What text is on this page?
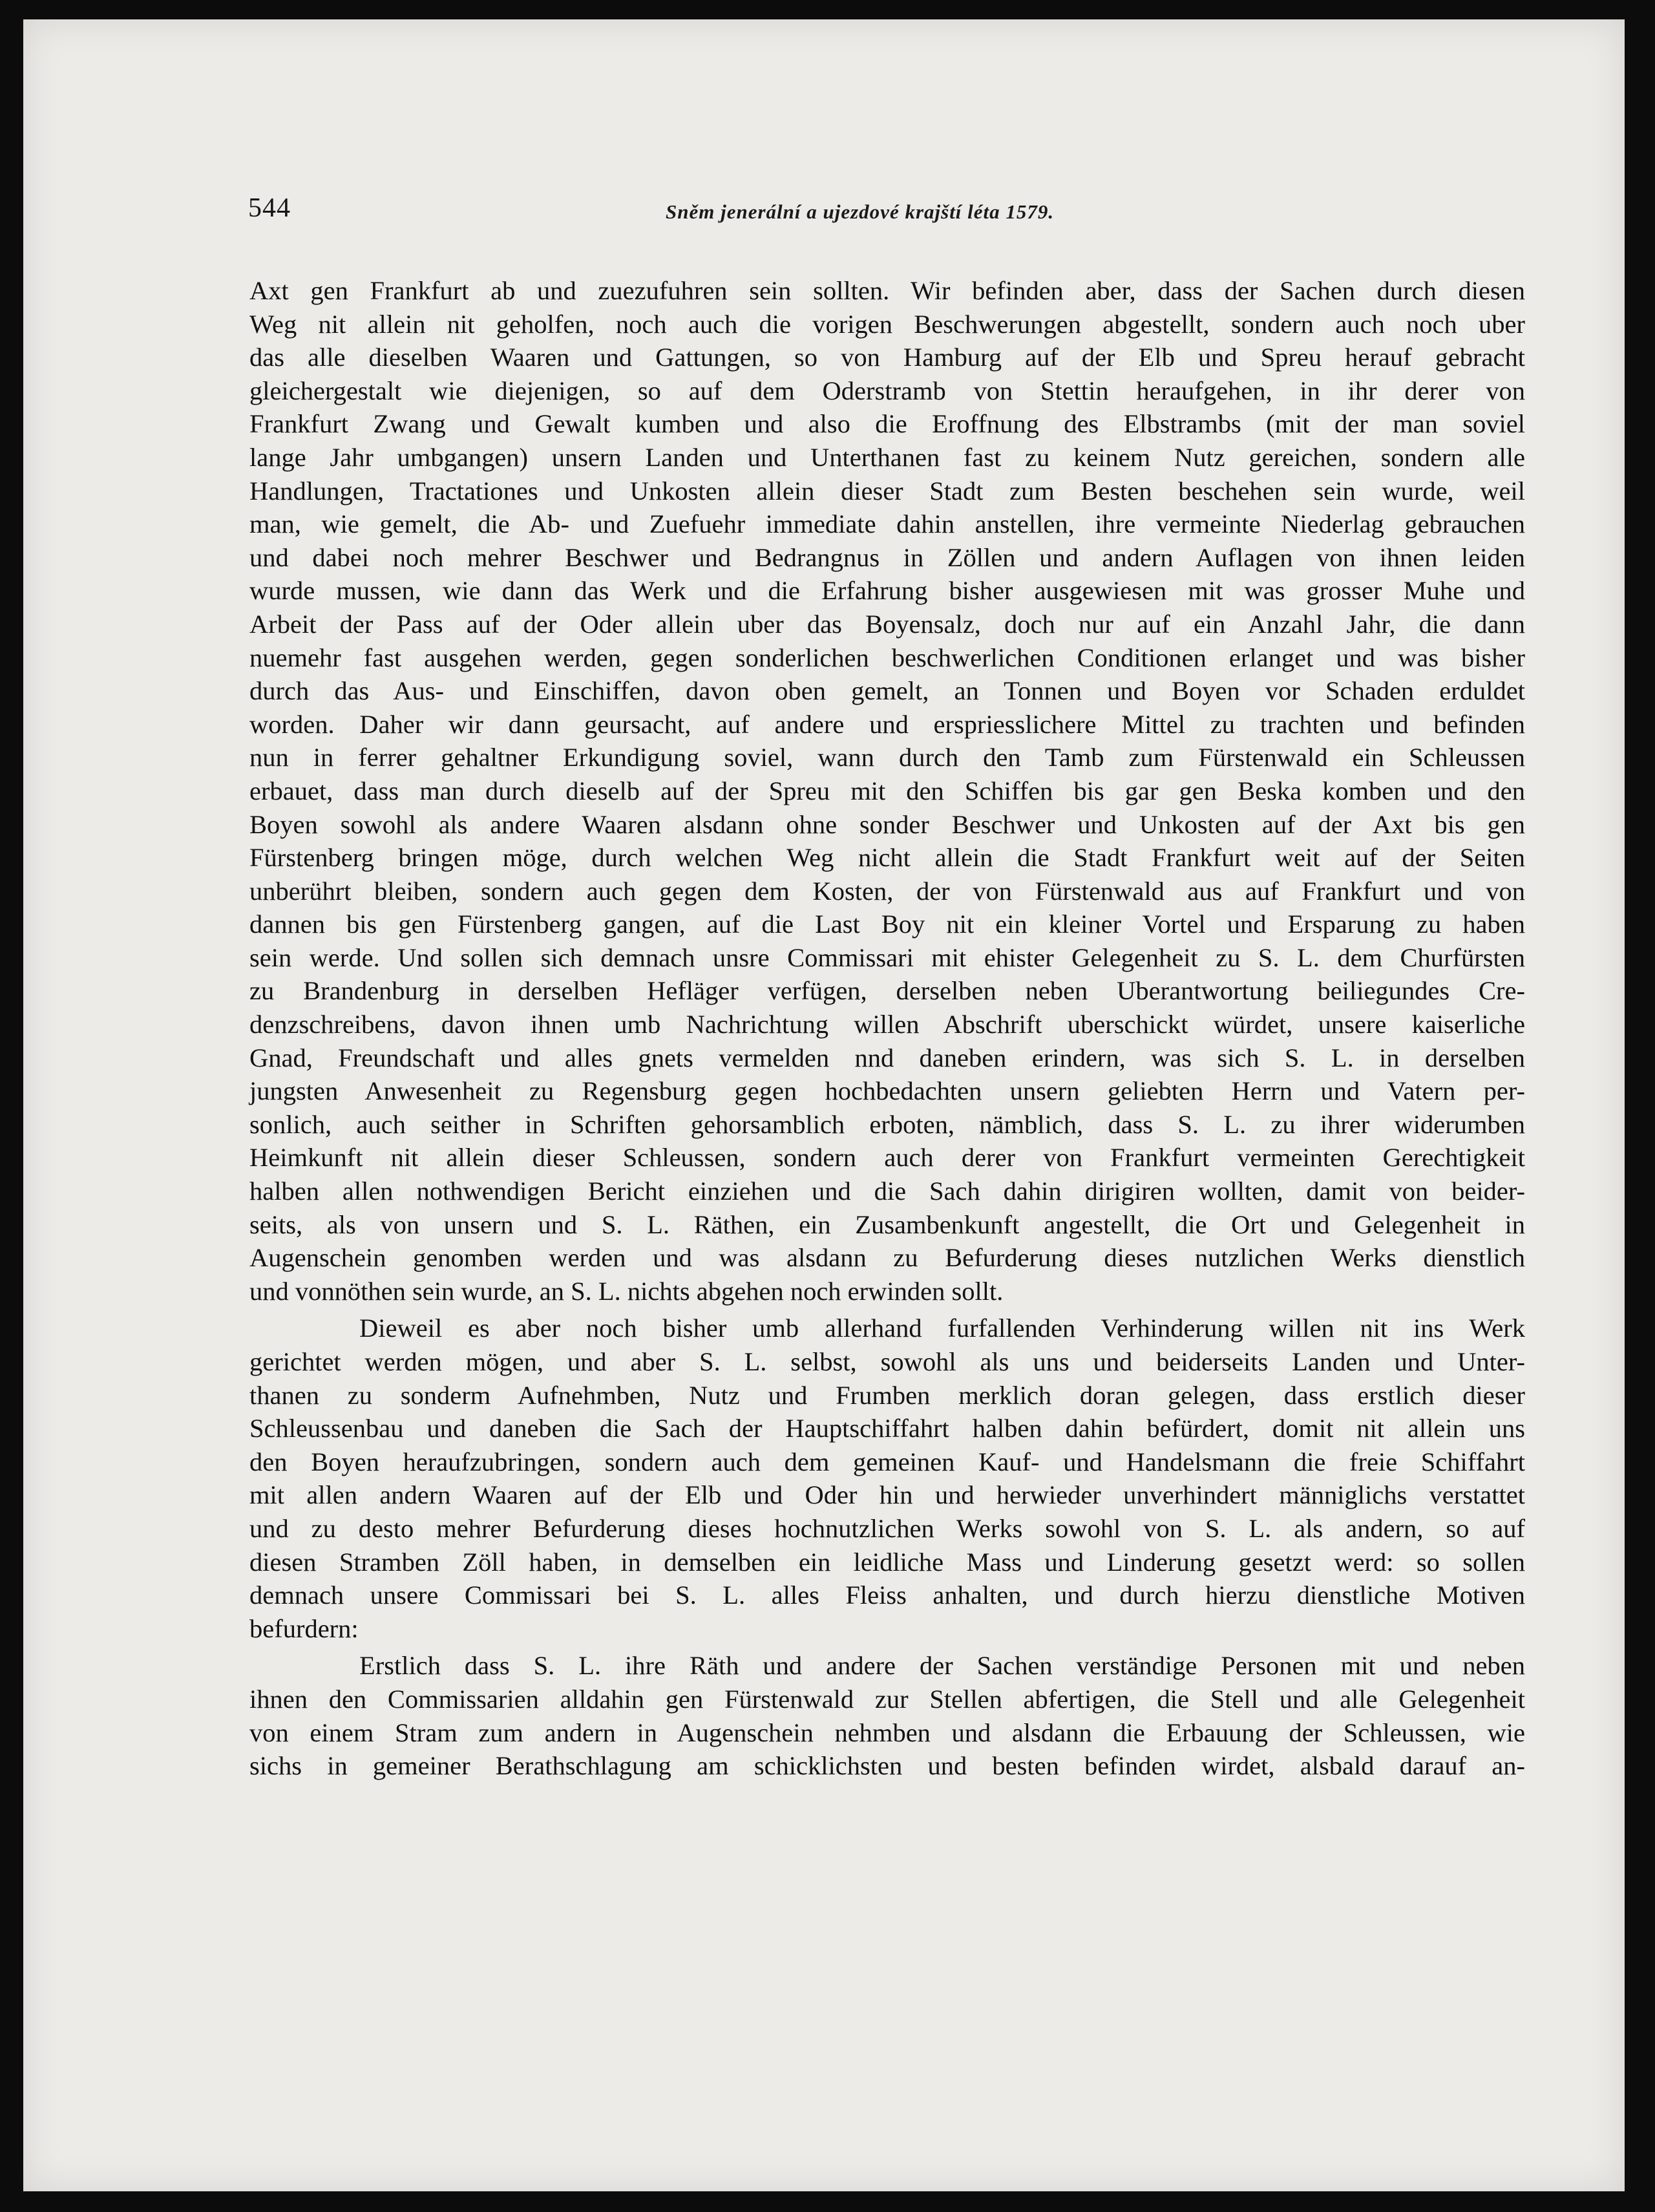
544	Sněm jenerální a ujezdové krajští léta 1579.
Axt gen Frankfurt ab und zuezufuhren sein sollten. Wir befinden aber, dass der Sachen durch diesen
Weg nit allein nit geholfen, noch auch die vorigen Beschwerungen abgestellt, sondern auch noch uber
das alle dieselben Waaren und Gattungen, so von Hamburg auf der Elb und Spreu herauf gebracht
gleichergestalt wie diejenigen, so auf dem Oderstramb von Stettin heraufgehen, in ihr derer von
Frankfurt Zwang und Gewalt kumben und also die Eroffnung des Elbstrambs (mit der man soviel
lange Jahr umbgangen) unsern Landen und Unterthanen fast zu keinem Nutz gereichen, sondern alle
Handlungen, Tractationes und Unkosten allein dieser Stadt zum Besten beschehen sein wurde, weil
man, wie gemelt, die Ab- und Zuefuehr immediate dahin anstellen, ihre vermeinte Niederlag gebrauchen
und dabei noch mehrer Beschwer und Bedrangnus in Zöllen und andern Auflagen von ihnen leiden
wurde mussen, wie dann das Werk und die Erfahrung bisher ausgewiesen mit was grosser Muhe und
Arbeit der Pass auf der Oder allein uber das Boyensalz, doch nur auf ein Anzahl Jahr, die dann
nuemehr fast ausgehen werden, gegen sonderlichen beschwerlichen Conditionen erlanget und was bisher
durch das Aus- und Einschiffen, davon oben gemelt, an Tonnen und Boyen vor Schaden erduldet
worden. Daher wir dann geursacht, auf andere und erspriesslichere Mittel zu trachten und befinden
nun in ferrer gehaltner Erkundigung soviel, wann durch den Tamb zum Fürstenwald ein Schleussen
erbauet, dass man durch dieselb auf der Spreu mit den Schiffen bis gar gen Beska komben und den
Boyen sowohl als andere Waaren alsdann ohne sonder Beschwer und Unkosten auf der Axt bis gen
Fürstenberg bringen möge, durch welchen Weg nicht allein die Stadt Frankfurt weit auf der Seiten
unberührt bleiben, sondern auch gegen dem Kosten, der von Fürstenwald aus auf Frankfurt und von
dannen bis gen Fürstenberg gangen, auf die Last Boy nit ein kleiner Vortel und Ersparung zu haben
sein werde. Und sollen sich demnach unsre Commissari mit ehister Gelegenheit zu S. L. dem Churfürsten
zu Brandenburg in derselben Hefläger verfügen, derselben neben Uberantwortung beiliegundes Cre-
denzschreibens, davon ihnen umb Nachrichtung willen Abschrift uberschickt würdet, unsere kaiserliche
Gnad, Freundschaft und alles gnets vermelden nnd daneben erindern, was sich S. L. in derselben
jungsten Anwesenheit zu Regensburg gegen hochbedachten unsern geliebten Herrn und Vatern per-
sonlich, auch seither in Schriften gehorsamblich erboten, nämblich, dass S. L. zu ihrer widerumben
Heimkunft nit allein dieser Schleussen, sondern auch derer von Frankfurt vermeinten Gerechtigkeit
halben allen nothwendigen Bericht einziehen und die Sach dahin dirigiren wollten, damit von beider-
seits, als von unsern und S. L. Räthen, ein Zusambenkunft angestellt, die Ort und Gelegenheit in
Augenschein genomben werden und was alsdann zu Befurderung dieses nutzlichen Werks dienstlich
und vonnöthen sein wurde, an S. L. nichts abgehen noch erwinden sollt.
Dieweil es aber noch bisher umb allerhand furfallenden Verhinderung willen nit ins Werk
gerichtet werden mögen, und aber S. L. selbst, sowohl als uns und beiderseits Landen und Unter-
thanen zu sonderm Aufnehmben, Nutz und Frumben merklich doran gelegen, dass erstlich dieser
Schleussenbau und daneben die Sach der Hauptschiffahrt halben dahin befürdert, domit nit allein uns
den Boyen heraufzubringen, sondern auch dem gemeinen Kauf- und Handelsmann die freie Schiffahrt
mit allen andern Waaren auf der Elb und Oder hin und herwieder unverhindert männiglichs verstattet
und zu desto mehrer Befurderung dieses hochnutzlichen Werks sowohl von S. L. als andern, so auf
diesen Stramben Zöll haben, in demselben ein leidliche Mass und Linderung gesetzt werd: so sollen
demnach unsere Commissari bei S. L. alles Fleiss anhalten, und durch hierzu dienstliche Motiven
befurdern:
Erstlich dass S. L. ihre Räth und andere der Sachen verständige Personen mit und neben
ihnen den Commissarien alldahin gen Fürstenwald zur Stellen abfertigen, die Stell und alle Gelegenheit
von einem Stram zum andern in Augenschein nehmben und alsdann die Erbauung der Schleussen, wie
sichs in gemeiner Berathschlagung am schicklichsten und besten befinden wirdet, alsbald darauf an-
